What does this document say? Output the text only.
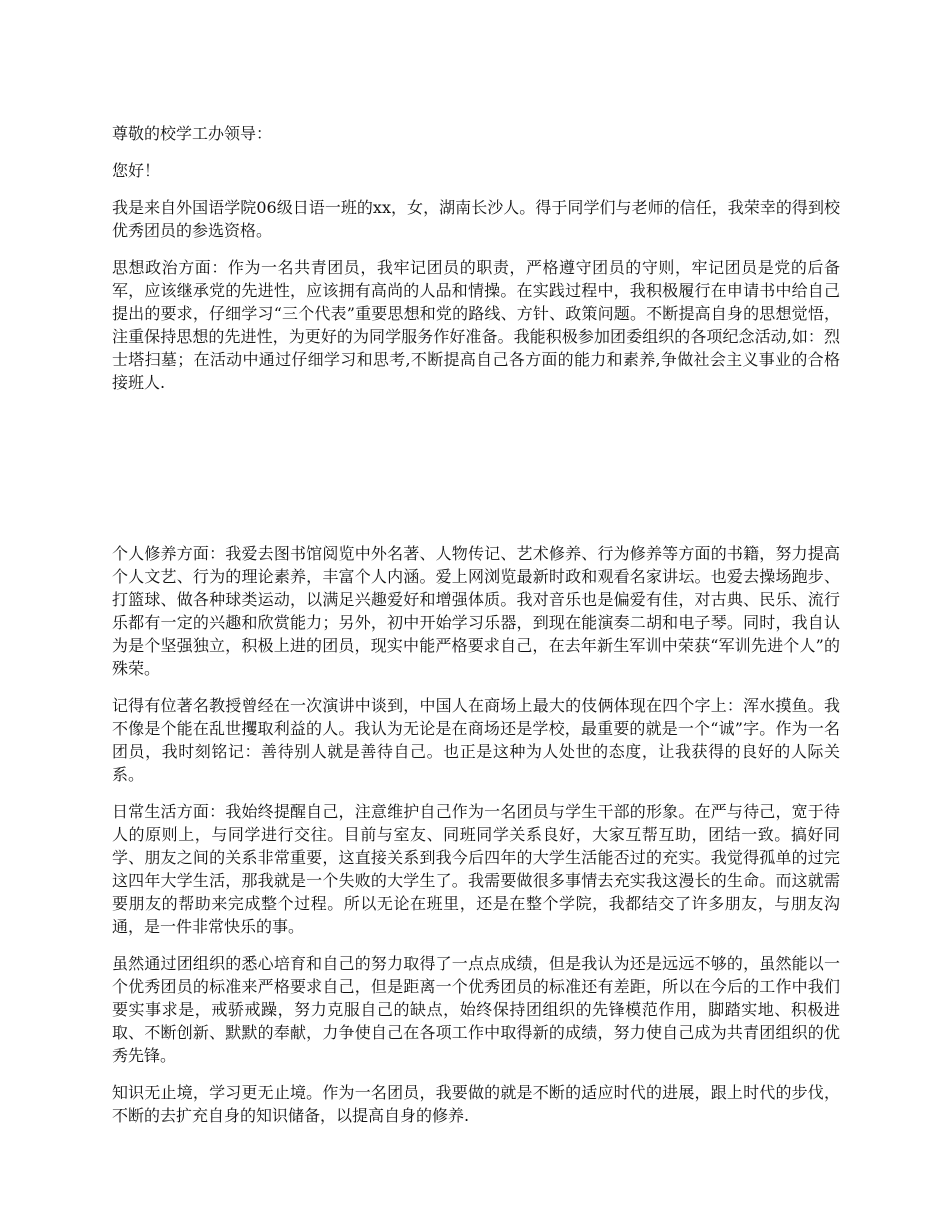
尊敬的校学工办领导：

您好！

我是来自外国语学院06级日语一班的xx，女，湖南长沙人。得于同学们与老师的信任，我荣幸的得到校优秀团员的参选资格。

思想政治方面：作为一名共青团员，我牢记团员的职责，严格遵守团员的守则，牢记团员是党的后备军，应该继承党的先进性，应该拥有高尚的人品和情操。在实践过程中，我积极履行在申请书中给自己提出的要求，仔细学习“三个代表”重要思想和党的路线、方针、政策问题。不断提高自身的思想觉悟，注重保持思想的先进性，为更好的为同学服务作好准备。我能积极参加团委组织的各项纪念活动,如：烈士塔扫墓；在活动中通过仔细学习和思考,不断提高自己各方面的能力和素养,争做社会主义事业的合格接班人.

个人修养方面：我爱去图书馆阅览中外名著、人物传记、艺术修养、行为修养等方面的书籍，努力提高个人文艺、行为的理论素养，丰富个人内涵。爱上网浏览最新时政和观看名家讲坛。也爱去操场跑步、打篮球、做各种球类运动，以满足兴趣爱好和增强体质。我对音乐也是偏爱有佳，对古典、民乐、流行乐都有一定的兴趣和欣赏能力；另外，初中开始学习乐器，到现在能演奏二胡和电子琴。同时，我自认为是个坚强独立，积极上进的团员，现实中能严格要求自己，在去年新生军训中荣获“军训先进个人”的殊荣。

记得有位著名教授曾经在一次演讲中谈到，中国人在商场上最大的伎俩体现在四个字上：浑水摸鱼。我不像是个能在乱世攫取利益的人。我认为无论是在商场还是学校，最重要的就是一个“诚”字。作为一名团员，我时刻铭记：善待别人就是善待自己。也正是这种为人处世的态度，让我获得的良好的人际关系。

日常生活方面：我始终提醒自己，注意维护自己作为一名团员与学生干部的形象。在严与待己，宽于待人的原则上，与同学进行交往。目前与室友、同班同学关系良好，大家互帮互助，团结一致。搞好同学、朋友之间的关系非常重要，这直接关系到我今后四年的大学生活能否过的充实。我觉得孤单的过完这四年大学生活，那我就是一个失败的大学生了。我需要做很多事情去充实我这漫长的生命。而这就需要朋友的帮助来完成整个过程。所以无论在班里，还是在整个学院，我都结交了许多朋友，与朋友沟通，是一件非常快乐的事。

虽然通过团组织的悉心培育和自己的努力取得了一点点成绩，但是我认为还是远远不够的，虽然能以一个优秀团员的标准来严格要求自己，但是距离一个优秀团员的标准还有差距，所以在今后的工作中我们要实事求是，戒骄戒躁，努力克服自己的缺点，始终保持团组织的先锋模范作用，脚踏实地、积极进取、不断创新、默默的奉献，力争使自己在各项工作中取得新的成绩，努力使自己成为共青团组织的优秀先锋。

知识无止境，学习更无止境。作为一名团员，我要做的就是不断的适应时代的进展，跟上时代的步伐，不断的去扩充自身的知识储备，以提高自身的修养.
